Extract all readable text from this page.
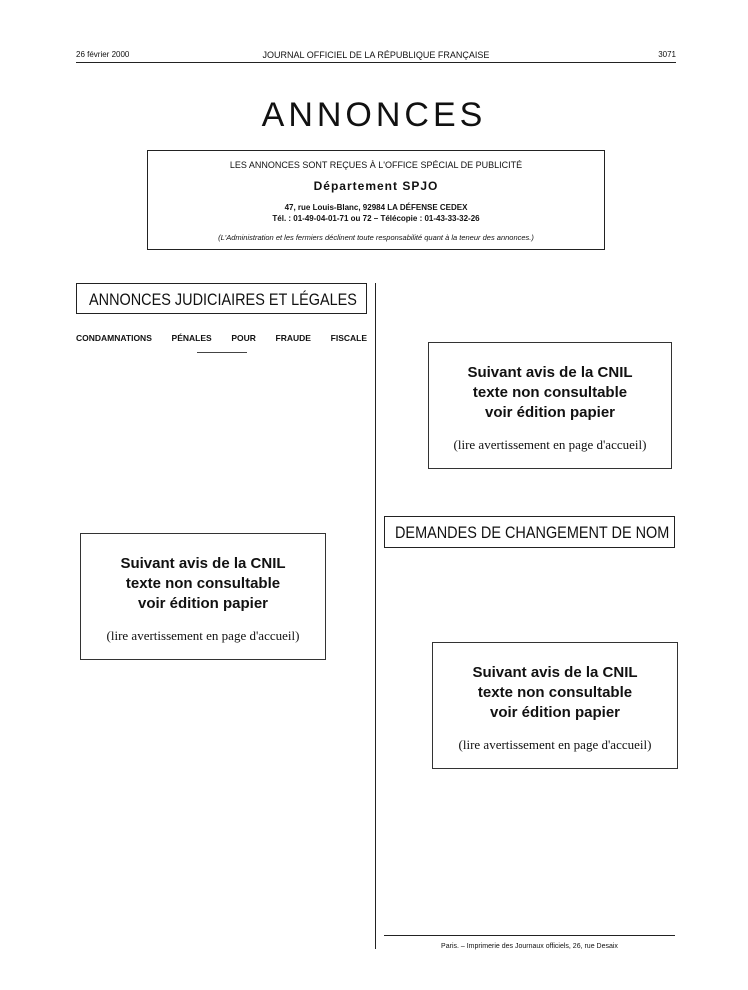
26 février 2000	JOURNAL OFFICIEL DE LA RÉPUBLIQUE FRANÇAISE	3071
ANNONCES
LES ANNONCES SONT REÇUES À L'OFFICE SPÉCIAL DE PUBLICITÉ
Département SPJO
47, rue Louis-Blanc, 92984 LA DÉFENSE CEDEX
Tél. : 01-49-04-01-71 ou 72 – Télécopie : 01-43-33-32-26
(L'Administration et les fermiers déclinent toute responsabilité quant à la teneur des annonces.)
ANNONCES JUDICIAIRES ET LÉGALES
CONDAMNATIONS PÉNALES POUR FRAUDE FISCALE
Suivant avis de la CNIL
texte non consultable
voir édition papier
(lire avertissement en page d'accueil)
Suivant avis de la CNIL
texte non consultable
voir édition papier
(lire avertissement en page d'accueil)
DEMANDES DE CHANGEMENT DE NOM
Suivant avis de la CNIL
texte non consultable
voir édition papier
(lire avertissement en page d'accueil)
Paris. – Imprimerie des Journaux officiels, 26, rue Desaix
